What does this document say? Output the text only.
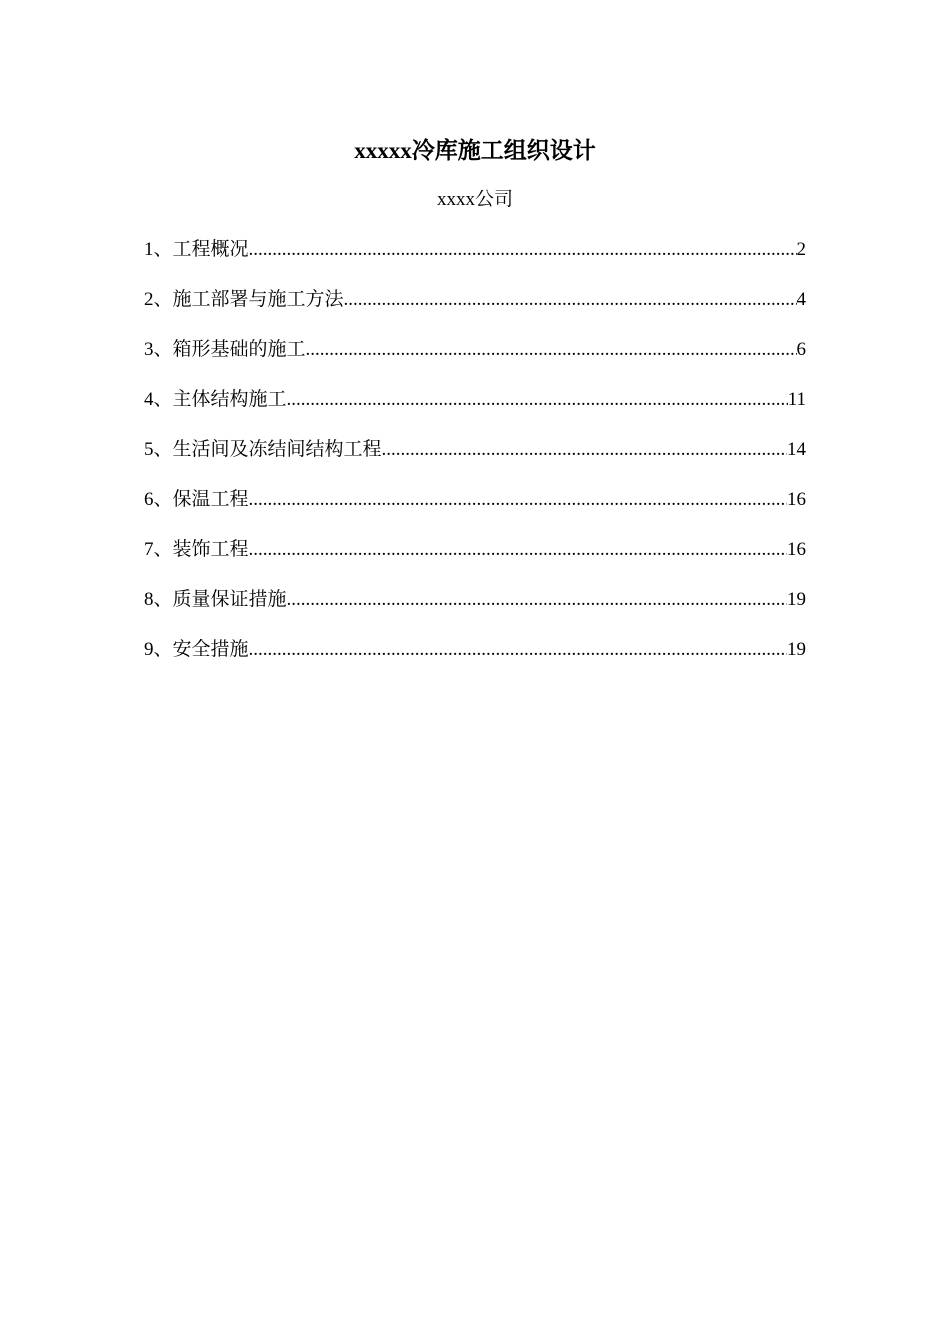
xxxxx冷库施工组织设计
xxxx公司
1、工程概况 .....	2
2、施工部署与施工方法 .....	4
3、箱形基础的施工 .....	6
4、主体结构施工 .....	11
5、生活间及冻结间结构工程 .....	14
6、保温工程 .....	16
7、装饰工程 .....	16
8、质量保证措施 .....	19
9、安全措施 .....	19
